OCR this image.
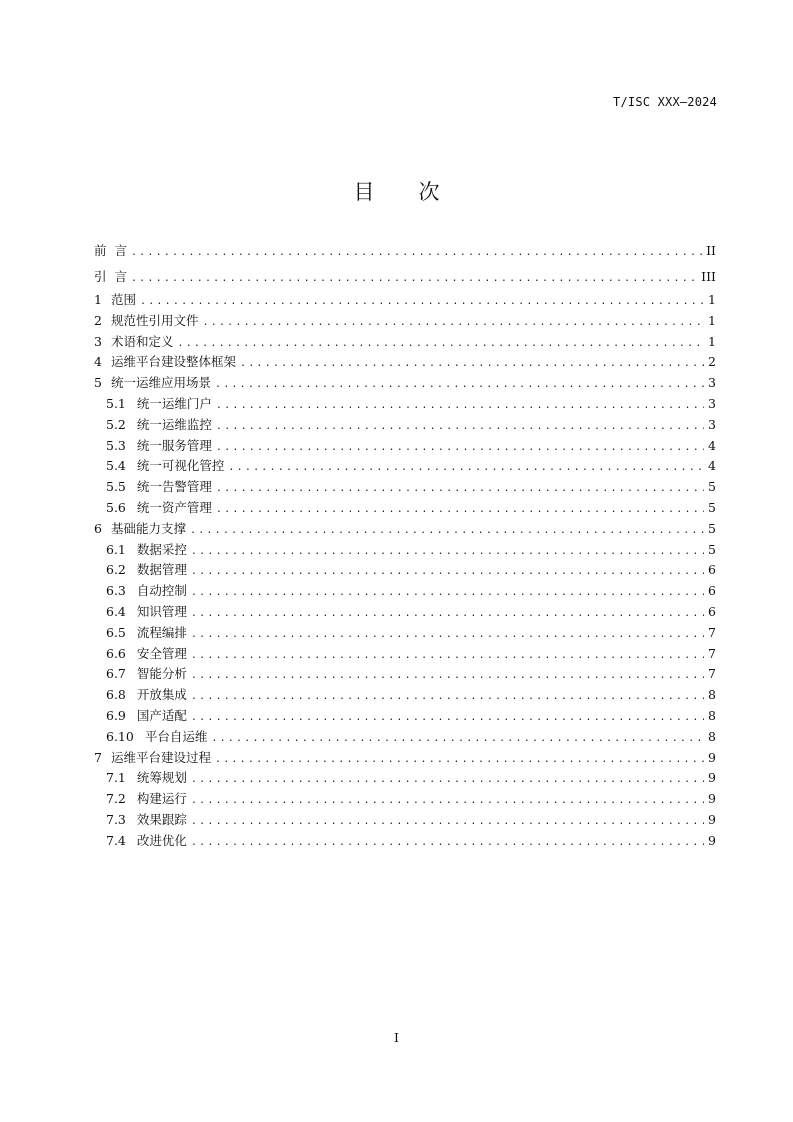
T/ISC XXX—2024
目次
前  言 .....	II
引  言 .....	III
1 范围 .....	1
2 规范性引用文件 .....	1
3 术语和定义 .....	1
4 运维平台建设整体框架 .....	2
5 统一运维应用场景 .....	3
5.1 统一运维门户 .....	3
5.2 统一运维监控 .....	3
5.3 统一服务管理 .....	4
5.4 统一可视化管控 .....	4
5.5 统一告警管理 .....	5
5.6 统一资产管理 .....	5
6 基础能力支撑 .....	5
6.1 数据采控 .....	5
6.2 数据管理 .....	6
6.3 自动控制 .....	6
6.4 知识管理 .....	6
6.5 流程编排 .....	7
6.6 安全管理 .....	7
6.7 智能分析 .....	7
6.8 开放集成 .....	8
6.9 国产适配 .....	8
6.10 平台自运维 .....	8
7 运维平台建设过程 .....	9
7.1 统筹规划 .....	9
7.2 构建运行 .....	9
7.3 效果跟踪 .....	9
7.4 改进优化 .....	9
I
